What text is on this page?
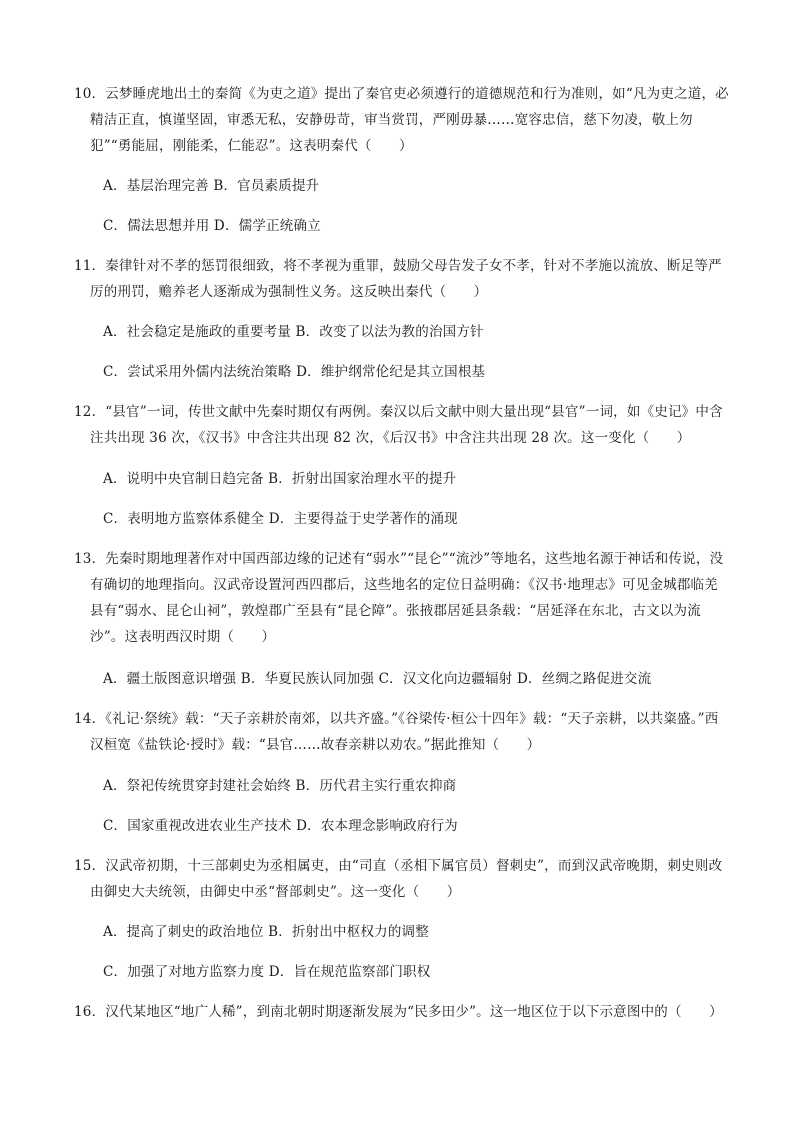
10．云梦睡虎地出土的秦简《为吏之道》提出了秦官吏必须遵行的道德规范和行为准则，如“凡为吏之道，必精洁正直，慎谨坚固，审悉无私，安静毋苛，审当赏罚，严刚毋暴……宽容忠信，慈下勿凌，敬上勿犯”“勇能屈，刚能柔，仁能忍”。这表明秦代（　　）
A．基层治理完善 B．官员素质提升
C．儒法思想并用 D．儒学正统确立
11．秦律针对不孝的惩罚很细致，将不孝视为重罪，鼓励父母告发子女不孝，针对不孝施以流放、断足等严厉的刑罚，赡养老人逐渐成为强制性义务。这反映出秦代（　　）
A．社会稳定是施政的重要考量 B．改变了以法为教的治国方针
C．尝试采用外儒内法统治策略 D．维护纲常伦纪是其立国根基
12．“县官”一词，传世文献中先秦时期仅有两例。秦汉以后文献中则大量出现“县官”一词，如《史记》中含注共出现 36 次，《汉书》中含注共出现 82 次，《后汉书》中含注共出现 28 次。这一变化（　　）
A．说明中央官制日趋完备 B．折射出国家治理水平的提升
C．表明地方监察体系健全 D．主要得益于史学著作的涌现
13．先秦时期地理著作对中国西部边缘的记述有“弱水”“昆仑”“流沙”等地名，这些地名源于神话和传说，没有确切的地理指向。汉武帝设置河西四郡后，这些地名的定位日益明确：《汉书·地理志》可见金城郡临羌县有“弱水、昆仑山祠”，敦煌郡广至县有“昆仑障”。张掖郡居延县条载：“居延泽在东北，古文以为流沙”。这表明西汉时期（　　）
A．疆土版图意识增强 B．华夏民族认同加强 C．汉文化向边疆辐射 D．丝绸之路促进交流
14．《礼记·祭统》载：“天子亲耕於南郊，以共齐盛。”《谷梁传·桓公十四年》载：“天子亲耕，以共粢盛。”西汉桓宽《盐铁论·授时》载：“县官……故春亲耕以劝农。”据此推知（　　）
A．祭祀传统贯穿封建社会始终 B．历代君主实行重农抑商
C．国家重视改进农业生产技术 D．农本理念影响政府行为
15．汉武帝初期，十三部刺史为丞相属吏，由“司直（丞相下属官员）督刺史”，而到汉武帝晚期，刺史则改由御史大夫统领，由御史中丞“督部刺史”。这一变化（　　）
A．提高了刺史的政治地位 B．折射出中枢权力的调整
C．加强了对地方监察力度 D．旨在规范监察部门职权
16．汉代某地区“地广人稀”，到南北朝时期逐渐发展为“民多田少”。这一地区位于以下示意图中的（　　）
